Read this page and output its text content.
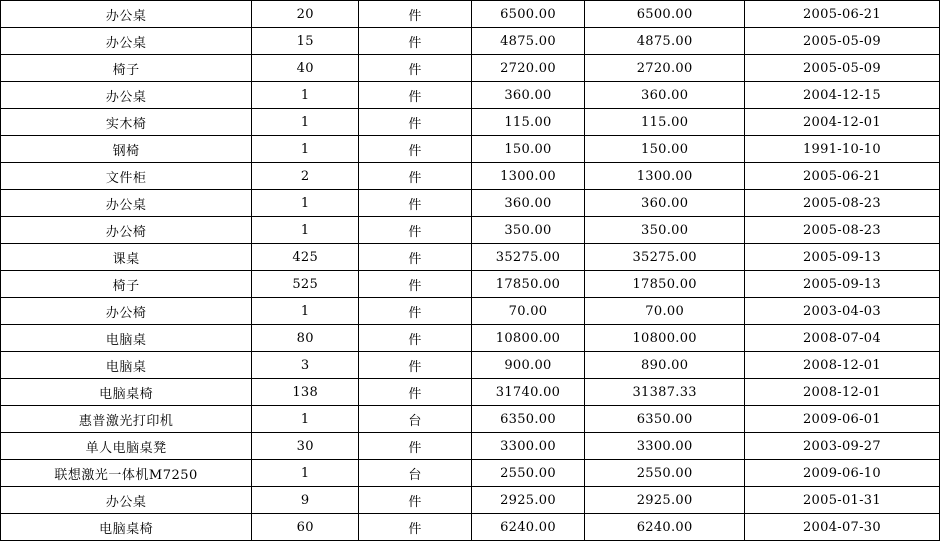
办公桌	20	件	6500.00	6500.00	2005-06-21
办公桌	15	件	4875.00	4875.00	2005-05-09
椅子	40	件	2720.00	2720.00	2005-05-09
办公桌	1	件	360.00	360.00	2004-12-15
实木椅	1	件	115.00	115.00	2004-12-01
钢椅	1	件	150.00	150.00	1991-10-10
文件柜	2	件	1300.00	1300.00	2005-06-21
办公桌	1	件	360.00	360.00	2005-08-23
办公椅	1	件	350.00	350.00	2005-08-23
课桌	425	件	35275.00	35275.00	2005-09-13
椅子	525	件	17850.00	17850.00	2005-09-13
办公椅	1	件	70.00	70.00	2003-04-03
电脑桌	80	件	10800.00	10800.00	2008-07-04
电脑桌	3	件	900.00	890.00	2008-12-01
电脑桌椅	138	件	31740.00	31387.33	2008-12-01
惠普激光打印机	1	台	6350.00	6350.00	2009-06-01
单人电脑桌凳	30	件	3300.00	3300.00	2003-09-27
联想激光一体机M7250	1	台	2550.00	2550.00	2009-06-10
办公桌	9	件	2925.00	2925.00	2005-01-31
电脑桌椅	60	件	6240.00	6240.00	2004-07-30
